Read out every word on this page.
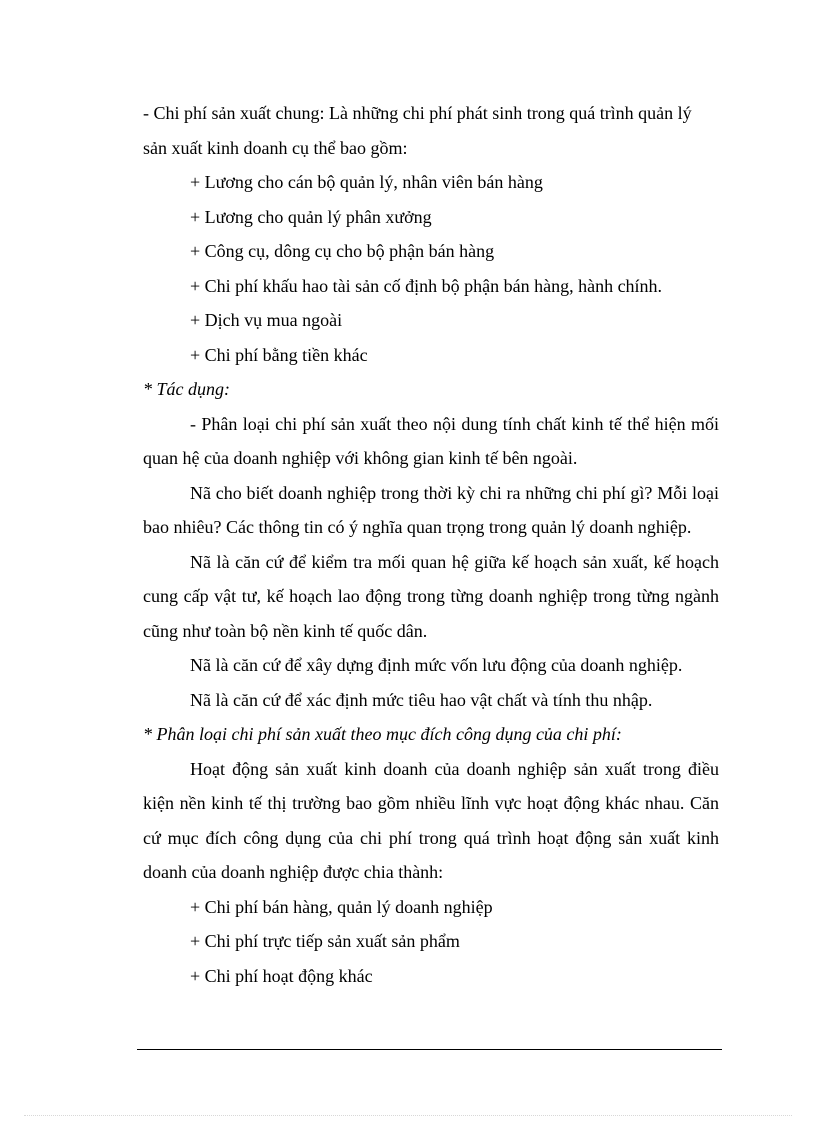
- Chi phí sản xuất chung: Là những chi phí phát sinh trong quá trình quản lý
sản xuất kinh doanh cụ thể bao gồm:

+ Lương cho cán bộ quản lý, nhân viên bán hàng

+ Lương cho quản lý phân xưởng

+ Công cụ, dông cụ cho bộ phận bán hàng

+ Chi phí khấu hao tài sản cố định bộ phận bán hàng, hành chính.

+ Dịch vụ mua ngoài

+ Chi phí bằng tiền khác

* Tác dụng:

- Phân loại chi phí sản xuất theo nội dung tính chất kinh tế thể hiện mối quan hệ của doanh nghiệp với không gian kinh tế bên ngoài.

Nã cho biết doanh nghiệp trong thời kỳ chi ra những chi phí gì? Mỗi loại bao nhiêu? Các thông tin có ý nghĩa quan trọng trong quản lý doanh nghiệp.

Nã là căn cứ để kiểm tra mối quan hệ giữa kế hoạch sản xuất, kế hoạch cung cấp vật tư, kế hoạch lao động trong từng doanh nghiệp trong từng ngành cũng như toàn bộ nền kinh tế quốc dân.

Nã là căn cứ để xây dựng định mức vốn lưu động của doanh nghiệp.

Nã là căn cứ để xác định mức tiêu hao vật chất và tính thu nhập.

* Phân loại chi phí sản xuất theo mục đích công dụng của chi phí:

Hoạt động sản xuất kinh doanh của doanh nghiệp sản xuất trong điều kiện nền kinh tế thị trường bao gồm nhiều lĩnh vực hoạt động khác nhau. Căn cứ mục đích công dụng của chi phí trong quá trình hoạt động sản xuất kinh doanh của doanh nghiệp được chia thành:

+ Chi phí bán hàng, quản lý doanh nghiệp

+ Chi phí trực tiếp sản xuất sản phẩm

+ Chi phí hoạt động khác
